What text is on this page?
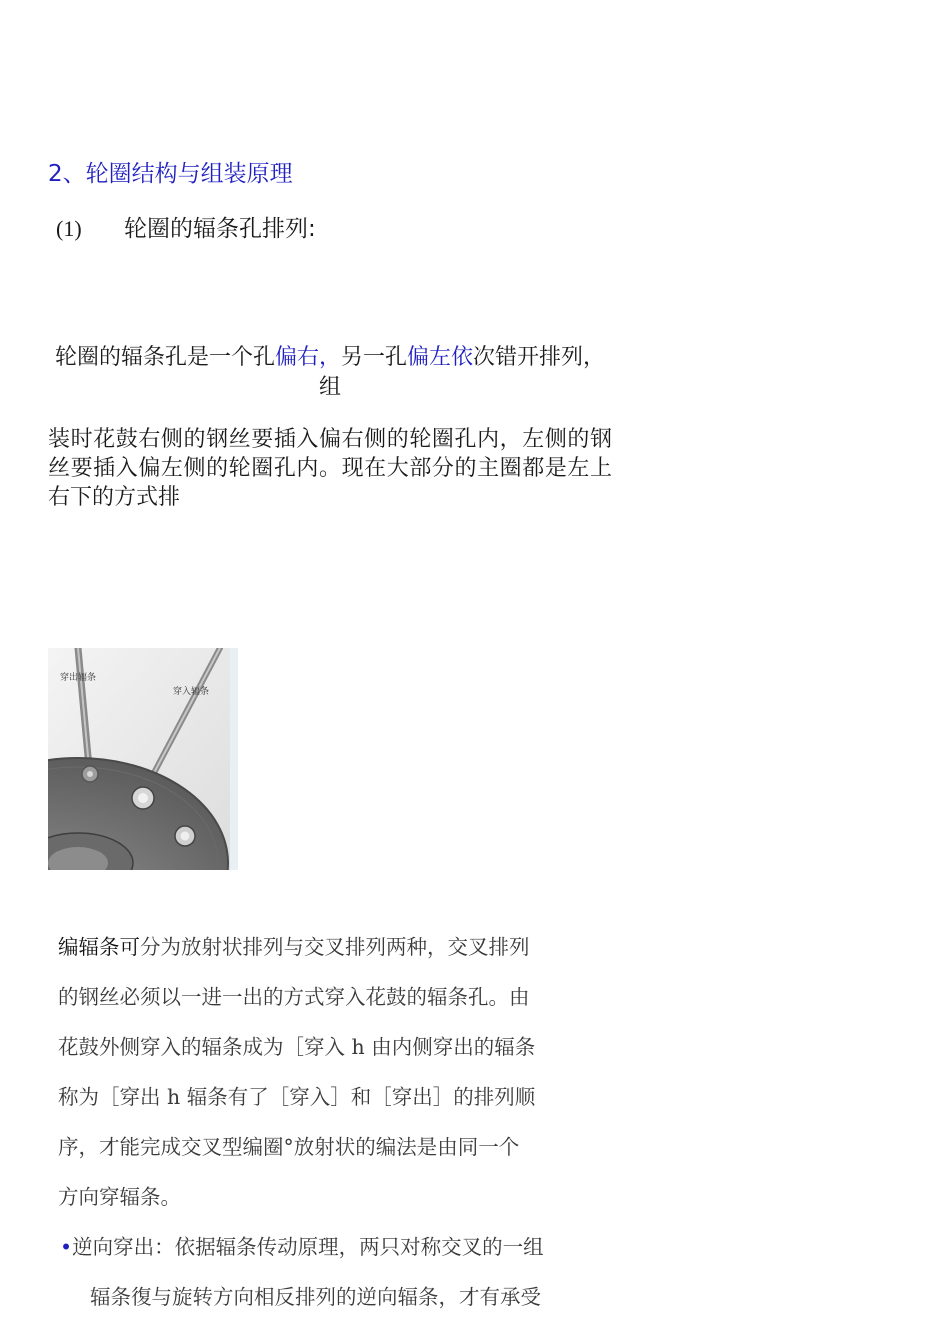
2、轮圈结构与组装原理
(1) 轮圈的辐条孔排列:
轮圈的辐条孔是一个孔偏右，另一孔偏左依次错开排列，组
装时花鼓右侧的钢丝要插入偏右侧的轮圈孔内，左侧的钢丝要插入偏左侧的轮圈孔内。现在大部分的主圈都是左上右下的方式排
穿出辐条
穿入辐条
编辐条可分为放射状排列与交叉排列两种，交叉排列
的钢丝必须以一进一出的方式穿入花鼓的辐条孔。由
花鼓外侧穿入的辐条成为［穿入 h 由内侧穿出的辐条
称为［穿出 h 辐条有了［穿入］和［穿出］的排列顺
序，才能完成交叉型编圈°放射状的编法是由同一个
方向穿辐条。
•逆向穿出：依据辐条传动原理，两只对称交叉的一组
辐条復与旋转方向相反排列的逆向辐条，才有承受
